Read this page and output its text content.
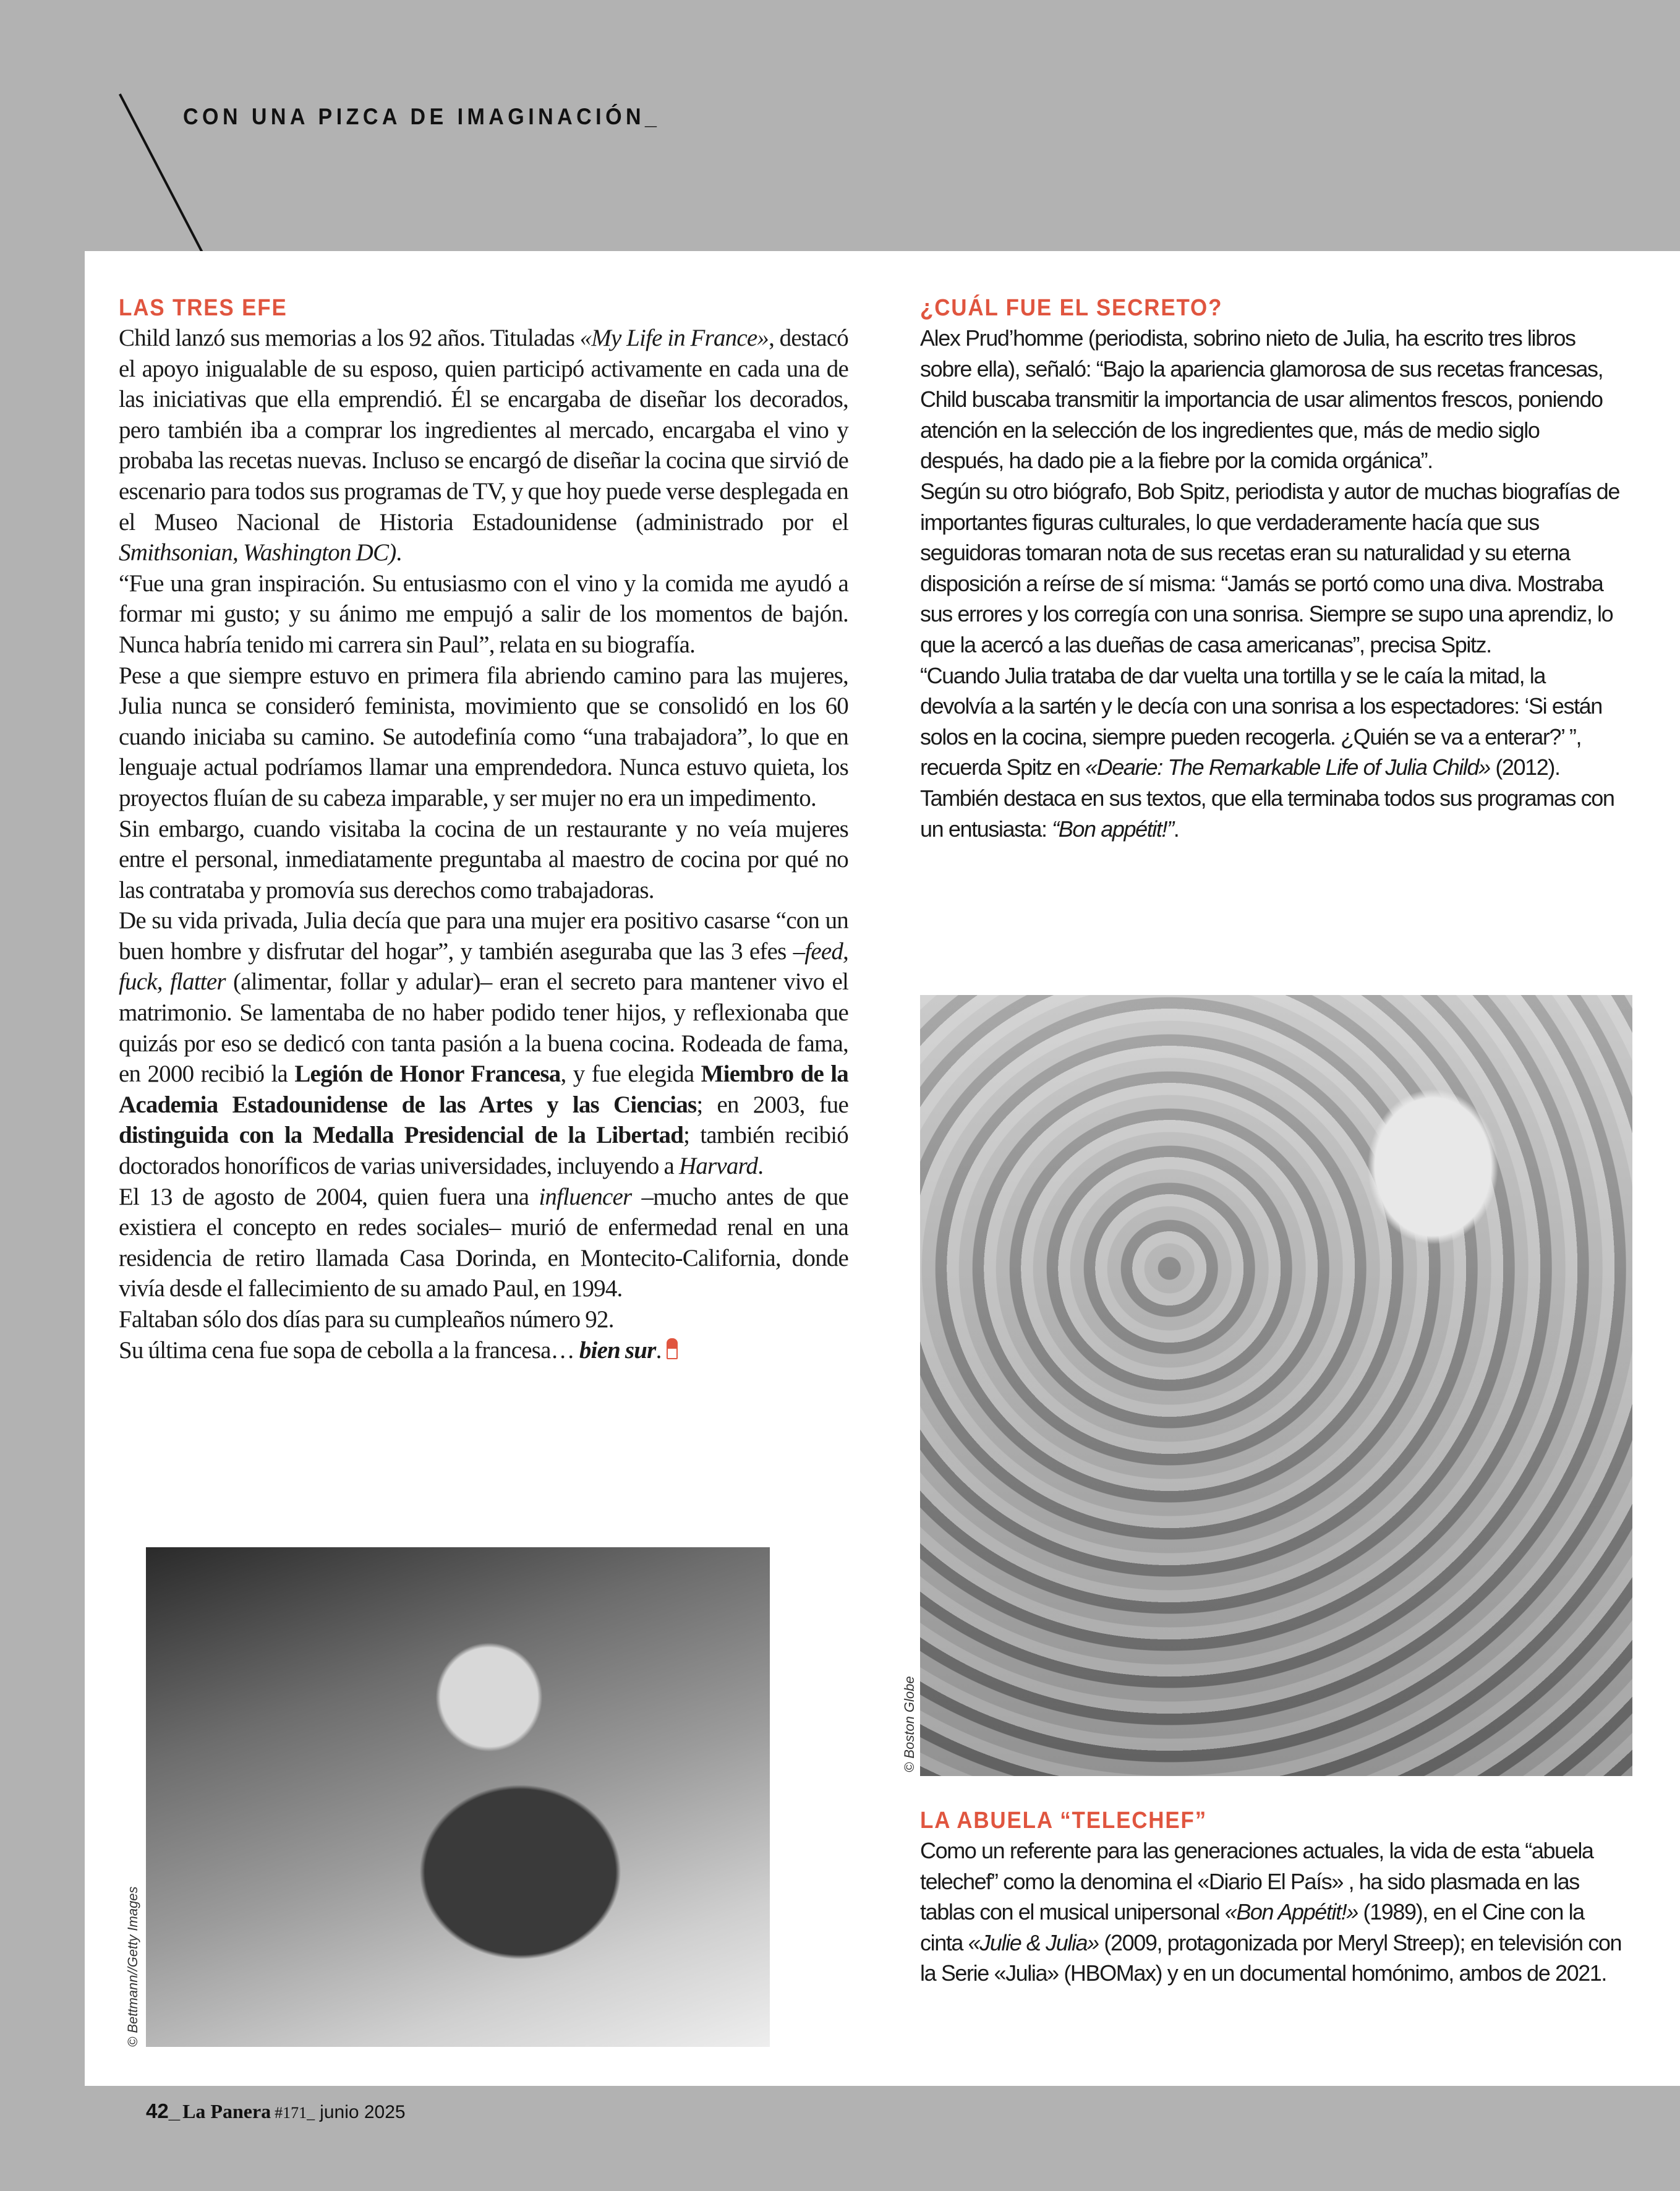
CON UNA PIZCA DE IMAGINACIÓN_
LAS TRES EFE

Child lanzó sus memorias a los 92 años. Tituladas «My Life in France», destacó el apoyo inigualable de su esposo, quien participó activamente en cada una de las iniciativas que ella emprendió. Él se encargaba de diseñar los decorados, pero también iba a comprar los ingredientes al mercado, encargaba el vino y probaba las recetas nuevas. Incluso se encargó de diseñar la cocina que sirvió de escenario para todos sus programas de TV, y que hoy puede verse desplegada en el Museo Nacional de Historia Estadounidense (administrado por el Smithsonian, Washington DC).

“Fue una gran inspiración. Su entusiasmo con el vino y la comida me ayudó a formar mi gusto; y su ánimo me empujó a salir de los momentos de bajón. Nunca habría tenido mi carrera sin Paul”, relata en su biografía.

Pese a que siempre estuvo en primera fila abriendo camino para las mujeres, Julia nunca se consideró feminista, movimiento que se consolidó en los 60 cuando iniciaba su camino. Se autodefinía como “una trabajadora”, lo que en lenguaje actual podríamos llamar una emprendedora. Nunca estuvo quieta, los proyectos fluían de su cabeza imparable, y ser mujer no era un impedimento.

Sin embargo, cuando visitaba la cocina de un restaurante y no veía mujeres entre el personal, inmediatamente preguntaba al maestro de cocina por qué no las contrataba y promovía sus derechos como trabajadoras.

De su vida privada, Julia decía que para una mujer era positivo casarse “con un buen hombre y disfrutar del hogar”, y también aseguraba que las 3 efes –feed, fuck, flatter (alimentar, follar y adular)– eran el secreto para mantener vivo el matrimonio. Se lamentaba de no haber podido tener hijos, y reflexionaba que quizás por eso se dedicó con tanta pasión a la buena cocina. Rodeada de fama, en 2000 recibió la Legión de Honor Francesa, y fue elegida Miembro de la Academia Estadounidense de las Artes y las Ciencias; en 2003, fue distinguida con la Medalla Presidencial de la Libertad; también recibió doctorados honoríficos de varias universidades, incluyendo a Harvard.

El 13 de agosto de 2004, quien fuera una influencer –mucho antes de que existiera el concepto en redes sociales– murió de enfermedad renal en una residencia de retiro llamada Casa Dorinda, en Montecito-California, donde vivía desde el fallecimiento de su amado Paul, en 1994.

Faltaban sólo dos días para su cumpleaños número 92.

Su última cena fue sopa de cebolla a la francesa… bien sur.

¿CUÁL FUE EL SECRETO?

Alex Prud’homme (periodista, sobrino nieto de Julia, ha escrito tres libros sobre ella), señaló: “Bajo la apariencia glamorosa de sus recetas francesas, Child buscaba transmitir la importancia de usar alimentos frescos, poniendo atención en la selección de los ingredientes que, más de medio siglo después, ha dado pie a la fiebre por la comida orgánica”.

Según su otro biógrafo, Bob Spitz, periodista y autor de muchas biografías de importantes figuras culturales, lo que verdaderamente hacía que sus seguidoras tomaran nota de sus recetas eran su naturalidad y su eterna disposición a reírse de sí misma: “Jamás se portó como una diva. Mostraba sus errores y los corregía con una sonrisa. Siempre se supo una aprendiz, lo que la acercó a las dueñas de casa americanas”, precisa Spitz.

“Cuando Julia trataba de dar vuelta una tortilla y se le caía la mitad, la devolvía a la sartén y le decía con una sonrisa a los espectadores: ‘Si están solos en la cocina, siempre pueden recogerla. ¿Quién se va a enterar?’ ”, recuerda Spitz en «Dearie: The Remarkable Life of Julia Child» (2012). También destaca en sus textos, que ella terminaba todos sus programas con un entusiasta: “Bon appétit!”.

LA ABUELA “TELECHEF”

Como un referente para las generaciones actuales, la vida de esta “abuela telechef” como la denomina el «Diario El País» , ha sido plasmada en las tablas con el musical unipersonal «Bon Appétit!» (1989), en el Cine con la cinta «Julie & Julia» (2009, protagonizada por Meryl Streep); en televisión con la Serie «Julia» (HBOMax) y en un documental homónimo, ambos de 2021.

© Bettmann//Getty Images
© Boston Globe
42_ La Panera #171_ junio 2025
